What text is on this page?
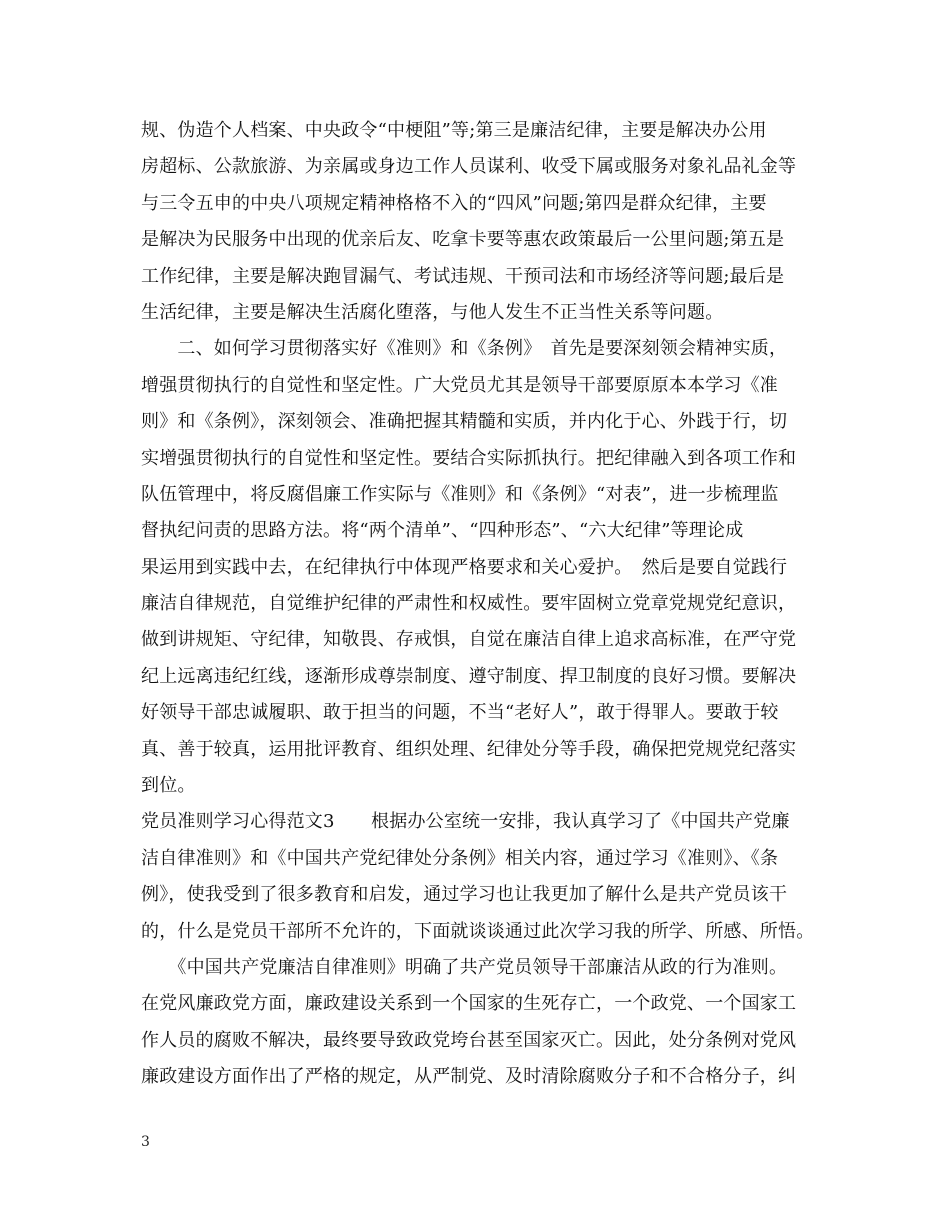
规、伪造个人档案、中央政令“中梗阻”等;第三是廉洁纪律，主要是解决办公用
房超标、公款旅游、为亲属或身边工作人员谋利、收受下属或服务对象礼品礼金等
与三令五申的中央八项规定精神格格不入的“四风”问题;第四是群众纪律，主要
是解决为民服务中出现的优亲后友、吃拿卡要等惠农政策最后一公里问题;第五是
工作纪律，主要是解决跑冒漏气、考试违规、干预司法和市场经济等问题;最后是
生活纪律，主要是解决生活腐化堕落，与他人发生不正当性关系等问题。
　　二、如何学习贯彻落实好《准则》和《条例》　首先是要深刻领会精神实质，
增强贯彻执行的自觉性和坚定性。广大党员尤其是领导干部要原原本本学习《准
则》和《条例》，深刻领会、准确把握其精髓和实质，并内化于心、外践于行，切
实增强贯彻执行的自觉性和坚定性。要结合实际抓执行。把纪律融入到各项工作和
队伍管理中，将反腐倡廉工作实际与《准则》和《条例》“对表”，进一步梳理监
督执纪问责的思路方法。将“两个清单”、“四种形态”、“六大纪律”等理论成
果运用到实践中去，在纪律执行中体现严格要求和关心爱护。　然后是要自觉践行
廉洁自律规范，自觉维护纪律的严肃性和权威性。要牢固树立党章党规党纪意识，
做到讲规矩、守纪律，知敬畏、存戒惧，自觉在廉洁自律上追求高标准，在严守党
纪上远离违纪红线，逐渐形成尊崇制度、遵守制度、捍卫制度的良好习惯。要解决
好领导干部忠诚履职、敢于担当的问题，不当“老好人”，敢于得罪人。要敢于较
真、善于较真，运用批评教育、组织处理、纪律处分等手段，确保把党规党纪落实
到位。
党员准则学习心得范文3　　根据办公室统一安排，我认真学习了《中国共产党廉
洁自律准则》和《中国共产党纪律处分条例》相关内容，通过学习《准则》、《条
例》，使我受到了很多教育和启发，通过学习也让我更加了解什么是共产党员该干
的，什么是党员干部所不允许的，下面就谈谈通过此次学习我的所学、所感、所悟。
　　《中国共产党廉洁自律准则》明确了共产党员领导干部廉洁从政的行为准则。
在党风廉政党方面，廉政建设关系到一个国家的生死存亡，一个政党、一个国家工
作人员的腐败不解决，最终要导致政党垮台甚至国家灭亡。因此，处分条例对党风
廉政建设方面作出了严格的规定，从严制党、及时清除腐败分子和不合格分子，纠
3
